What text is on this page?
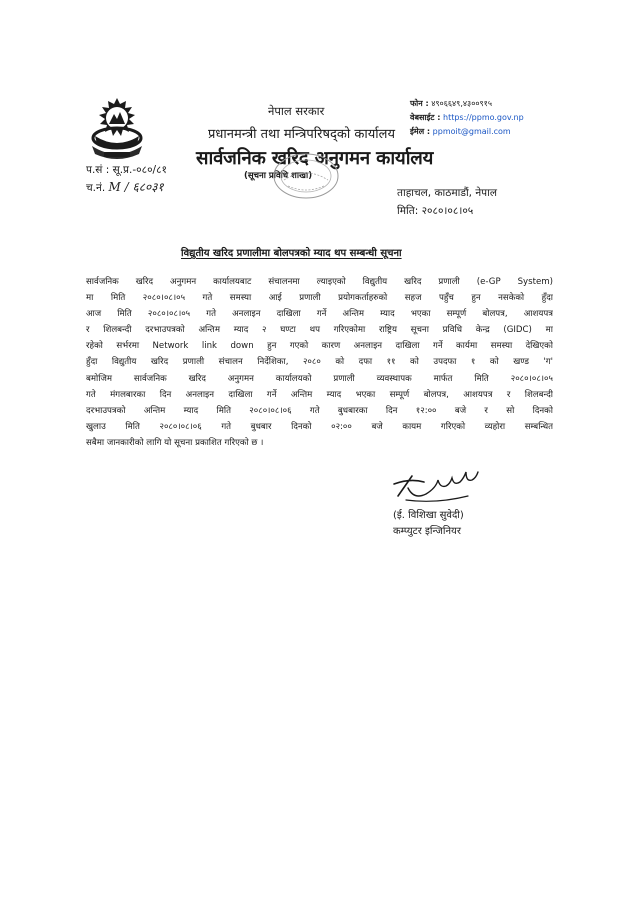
प.सं : सू.प्र.-०८०/८१
च.नं. M / ६८०३१
नेपाल सरकार
प्रधानमन्त्री तथा मन्त्रिपरिषद्को कार्यालय
सार्वजनिक खरिद अनुगमन कार्यालय
(सूचना प्रविधि शाखा)
फोन : ४९०६६४९,४३००९१५
वेबसाईट : https://ppmo.gov.np
ईमेल : ppmoit@gmail.com
ताहाचल, काठमाडौं, नेपाल
मिति: २०८०।०८।०५
विद्युतीय खरिद प्रणालीमा बोलपत्रको म्याद थप सम्बन्धी सूचना
सार्वजनिक खरिद अनुगमन कार्यालयबाट संचालनमा ल्याइएको विद्युतीय खरिद प्रणाली (e-GP System)
मा मिति २०८०।०८।०५ गते समस्या आई प्रणाली प्रयोगकर्ताहरुको सहज पहुँच हुन नसकेको हुँदा
आज मिति २०८०।०८।०५ गते अनलाइन दाखिला गर्ने अन्तिम म्याद भएका सम्पूर्ण बोलपत्र, आशयपत्र
र शिलबन्दी दरभाउपत्रको अन्तिम म्याद २ घण्टा थप गरिएकोमा राष्ट्रिय सूचना प्रविधि केन्द्र (GIDC) मा
रहेको सर्भरमा Network link down हुन गएको कारण अनलाइन दाखिला गर्ने कार्यमा समस्या देखिएको
हुँदा विद्युतीय खरिद प्रणाली संचालन निर्देशिका, २०८० को दफा ११ को उपदफा १ को खण्ड 'ग'
बमोजिम सार्वजनिक खरिद अनुगमन कार्यालयको प्रणाली व्यवस्थापक मार्फत मिति २०८०।०८।०५
गते मंगलबारका दिन अनलाइन दाखिला गर्ने अन्तिम म्याद भएका सम्पूर्ण बोलपत्र, आशयपत्र र शिलबन्दी
दरभाउपत्रको अन्तिम म्याद मिति २०८०।०८।०६ गते बुधबारका दिन १२:०० बजे र सो दिनको
खुलाउ मिति २०८०।०८।०६ गते बुधबार दिनको ०२:०० बजे कायम गरिएको व्यहोरा सम्बन्धित
सबैमा जानकारीको लागि यो सूचना प्रकाशित गरिएको छ ।
(ई. विशिखा सुवेदी)
कम्प्युटर इन्जिनियर
